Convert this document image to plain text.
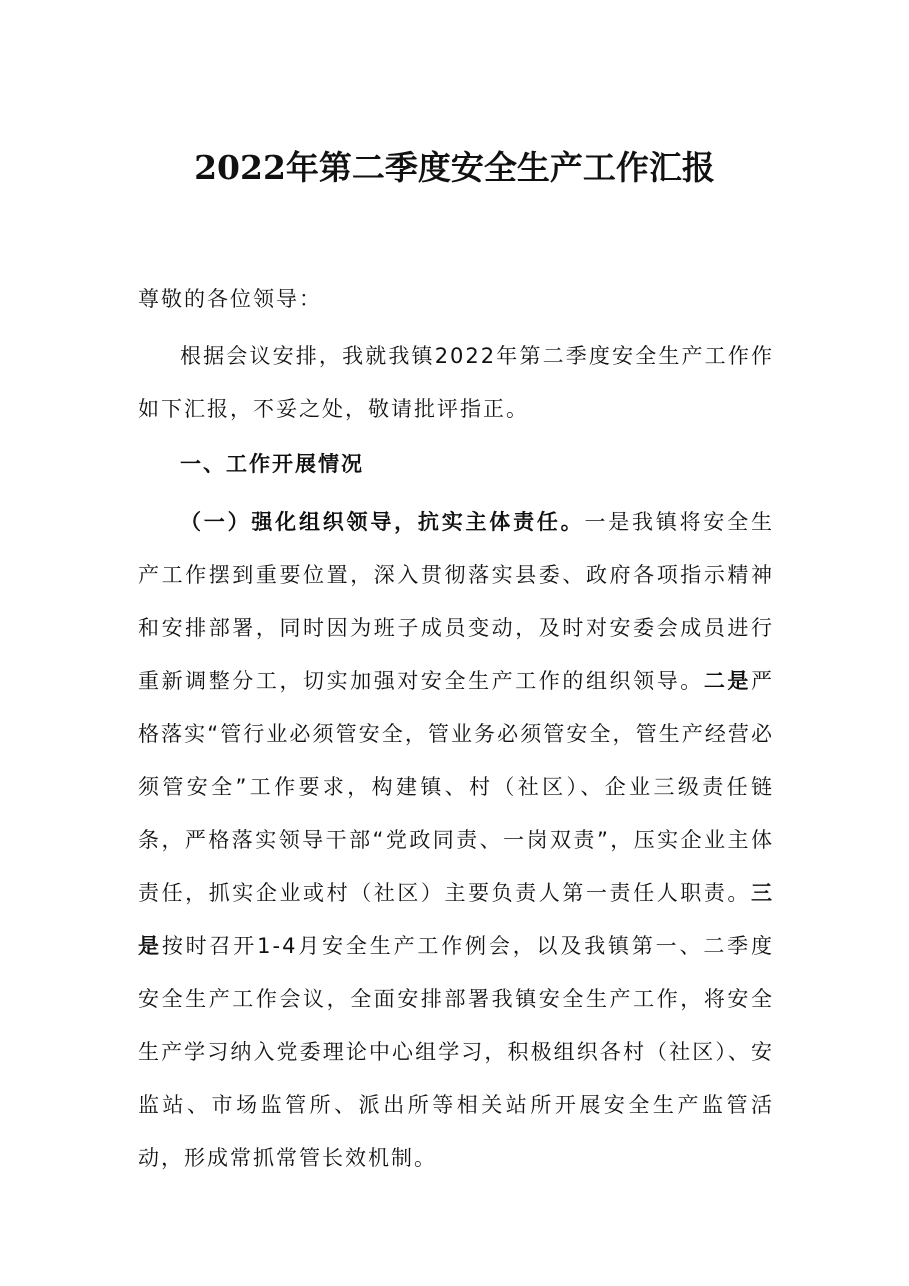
2022年第二季度安全生产工作汇报

尊敬的各位领导：

根据会议安排，我就我镇2022年第二季度安全生产工作作如下汇报，不妥之处，敬请批评指正。

一、工作开展情况

（一）强化组织领导，抗实主体责任。一是我镇将安全生产工作摆到重要位置，深入贯彻落实县委、政府各项指示精神和安排部署，同时因为班子成员变动，及时对安委会成员进行重新调整分工，切实加强对安全生产工作的组织领导。二是严格落实“管行业必须管安全，管业务必须管安全，管生产经营必须管安全”工作要求，构建镇、村（社区）、企业三级责任链条，严格落实领导干部“党政同责、一岗双责”，压实企业主体责任，抓实企业或村（社区）主要负责人第一责任人职责。三是按时召开1-4月安全生产工作例会，以及我镇第一、二季度安全生产工作会议，全面安排部署我镇安全生产工作，将安全生产学习纳入党委理论中心组学习，积极组织各村（社区）、安监站、市场监管所、派出所等相关站所开展安全生产监管活动，形成常抓常管长效机制。
